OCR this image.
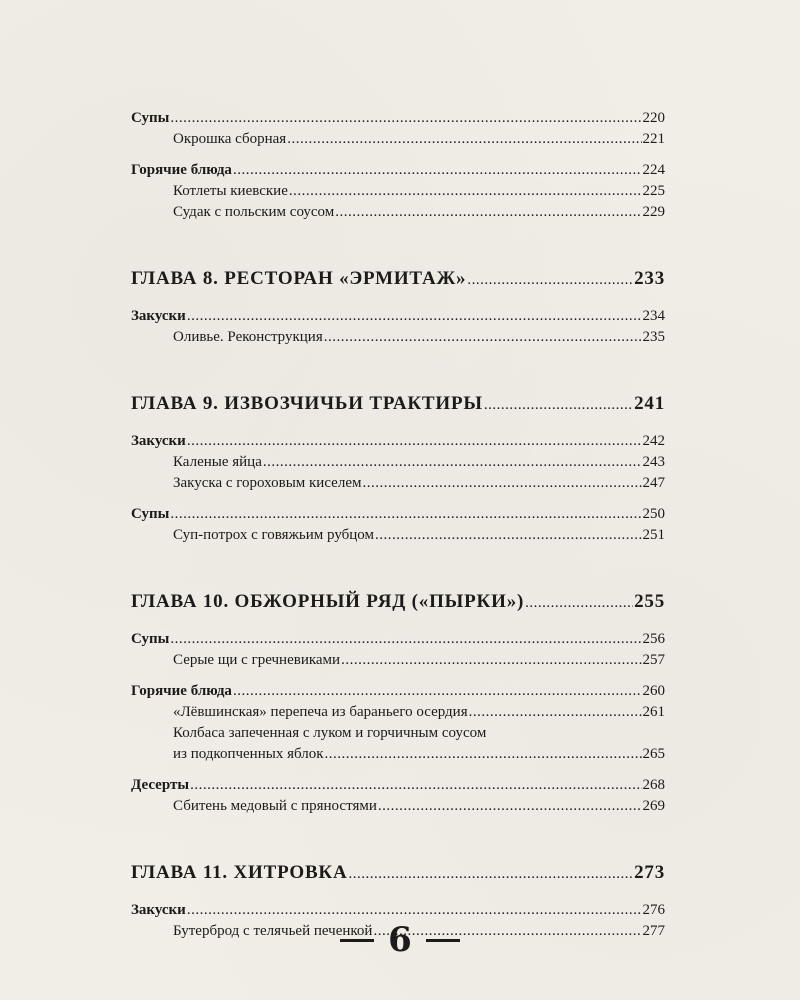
Супы .....	220
Окрошка сборная .....	221
Горячие блюда .....	224
Котлеты киевские .....	225
Судак с польским соусом .....	229
ГЛАВА 8. РЕСТОРАН «ЭРМИТАЖ» .....	233
Закуски .....	234
Оливье. Реконструкция .....	235
ГЛАВА 9. ИЗВОЗЧИЧЬИ ТРАКТИРЫ .....	241
Закуски .....	242
Каленые яйца .....	243
Закуска с гороховым киселем .....	247
Супы .....	250
Суп-потрох с говяжьим рубцом .....	251
ГЛАВА 10. ОБЖОРНЫЙ РЯД («ПЫРКИ») .....	255
Супы .....	256
Серые щи с гречневиками .....	257
Горячие блюда .....	260
«Лёвшинская» перепеча из бараньего осердия .....	261
Колбаса запеченная с луком и горчичным соусом
из подкопченных яблок .....	265
Десерты .....	268
Сбитень медовый с пряностями .....	269
ГЛАВА 11. ХИТРОВКА .....	273
Закуски .....	276
Бутерброд с телячьей печенкой .....	277
6
